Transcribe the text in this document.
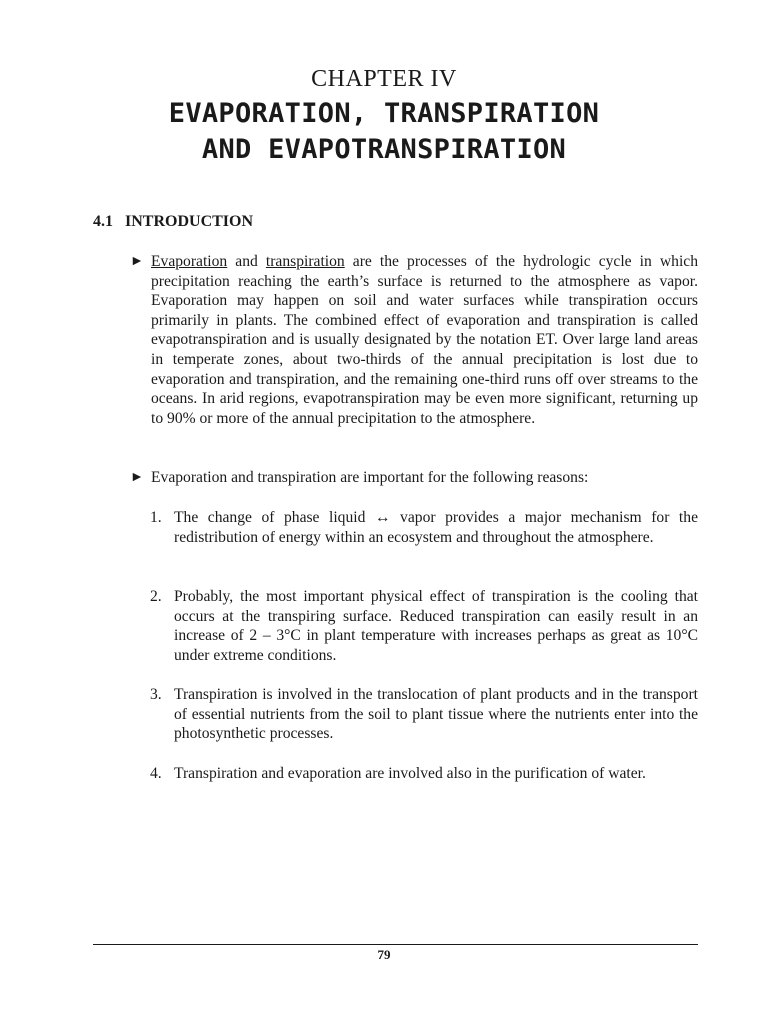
CHAPTER IV
EVAPORATION, TRANSPIRATION
AND EVAPOTRANSPIRATION
4.1 INTRODUCTION
► Evaporation and transpiration are the processes of the hydrologic cycle in which precipitation reaching the earth’s surface is returned to the atmosphere as vapor. Evaporation may happen on soil and water surfaces while transpiration occurs primarily in plants. The combined effect of evaporation and transpiration is called evapotranspiration and is usually designated by the notation ET. Over large land areas in temperate zones, about two-thirds of the annual precipitation is lost due to evaporation and transpiration, and the remaining one-third runs off over streams to the oceans. In arid regions, evapotranspiration may be even more significant, returning up to 90% or more of the annual precipitation to the atmosphere.
► Evaporation and transpiration are important for the following reasons:
1. The change of phase liquid ↔ vapor provides a major mechanism for the redistribution of energy within an ecosystem and throughout the atmosphere.
2. Probably, the most important physical effect of transpiration is the cooling that occurs at the transpiring surface. Reduced transpiration can easily result in an increase of 2 – 3°C in plant temperature with increases perhaps as great as 10°C under extreme conditions.
3. Transpiration is involved in the translocation of plant products and in the transport of essential nutrients from the soil to plant tissue where the nutrients enter into the photosynthetic processes.
4. Transpiration and evaporation are involved also in the purification of water.
79
